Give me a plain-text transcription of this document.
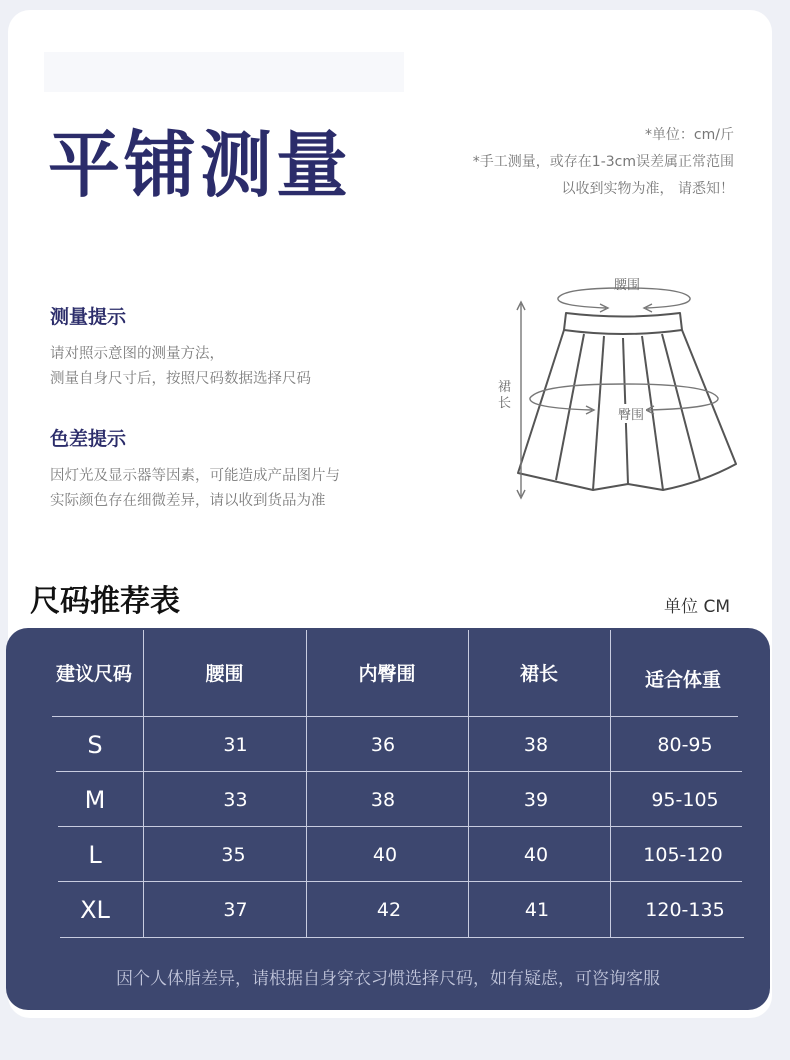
平铺测量	*单位：cm/斤
*手工测量，或存在1-3cm误差属正常范围
以收到实物为准， 请悉知！
测量提示
请对照示意图的测量方法，
测量自身尺寸后，按照尺码数据选择尺码
色差提示
因灯光及显示器等因素，可能造成产品图片与
实际颜色存在细微差异，请以收到货品为准
腰围
臀围
裙长
尺码推荐表	单位 CM
建议尺码	腰围	内臀围	裙长	适合体重
S	31	36	38	80-95
M	33	38	39	95-105
L	35	40	40	105-120
XL	37	42	41	120-135
因个人体脂差异，请根据自身穿衣习惯选择尺码，如有疑虑，可咨询客服
